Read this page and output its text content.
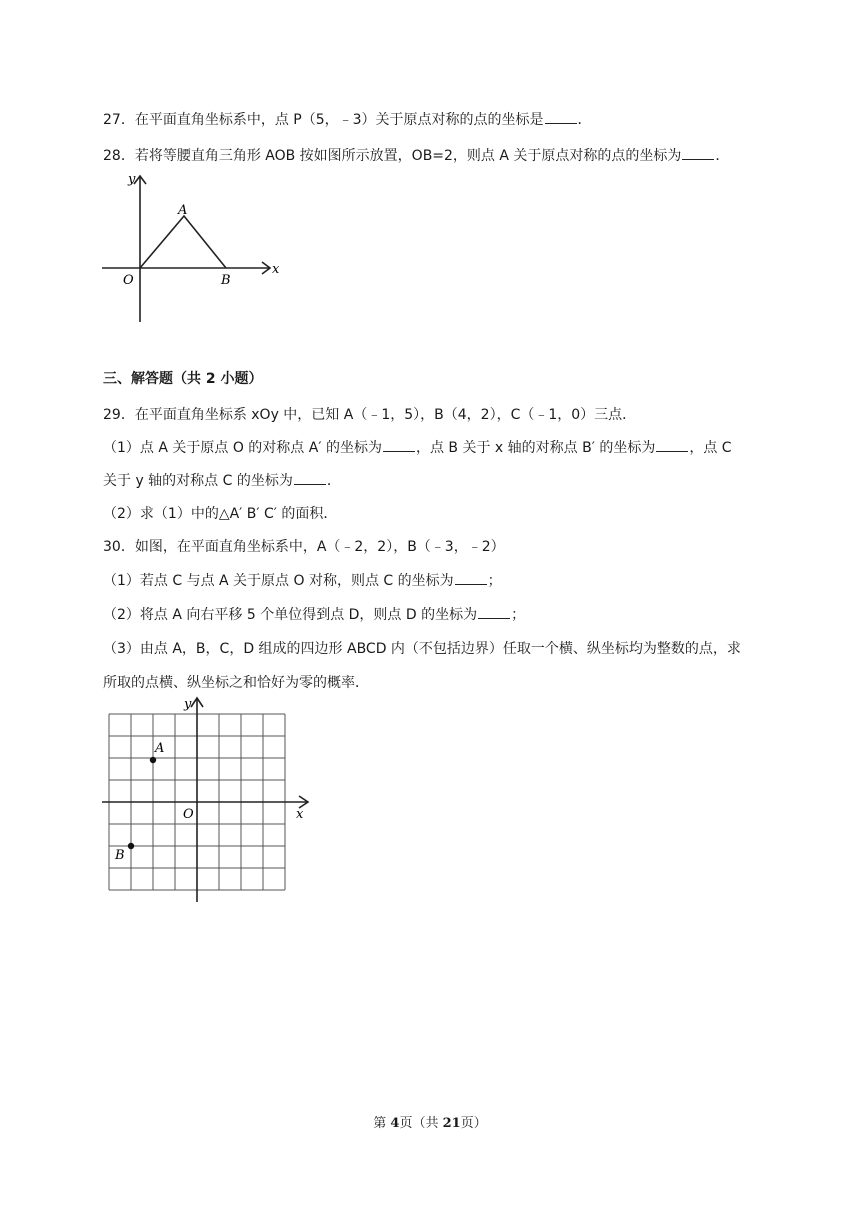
27．在平面直角坐标系中，点 P（5，﹣3）关于原点对称的点的坐标是 ．
28．若将等腰直角三角形 AOB 按如图所示放置，OB=2，则点 A 关于原点对称的点的坐标为 ．
y
x
A
O	B
三、解答题（共 2 小题）
29．在平面直角坐标系 xOy 中，已知 A（﹣1，5），B（4，2），C（﹣1，0）三点．
（1）点 A 关于原点 O 的对称点 A′ 的坐标为 ，点 B 关于 x 轴的对称点 B′ 的坐标为 ，点 C
关于 y 轴的对称点 C 的坐标为 ．
（2）求（1）中的△A′ B′ C′ 的面积．
30．如图，在平面直角坐标系中，A（﹣2，2），B（﹣3，﹣2）
（1）若点 C 与点 A 关于原点 O 对称，则点 C 的坐标为 ；
（2）将点 A 向右平移 5 个单位得到点 D，则点 D 的坐标为 ；
（3）由点 A，B，C，D 组成的四边形 ABCD 内（不包括边界）任取一个横、纵坐标均为整数的点，求
所取的点横、纵坐标之和恰好为零的概率．
y
x
A
O
B
第 4页（共 21页）
